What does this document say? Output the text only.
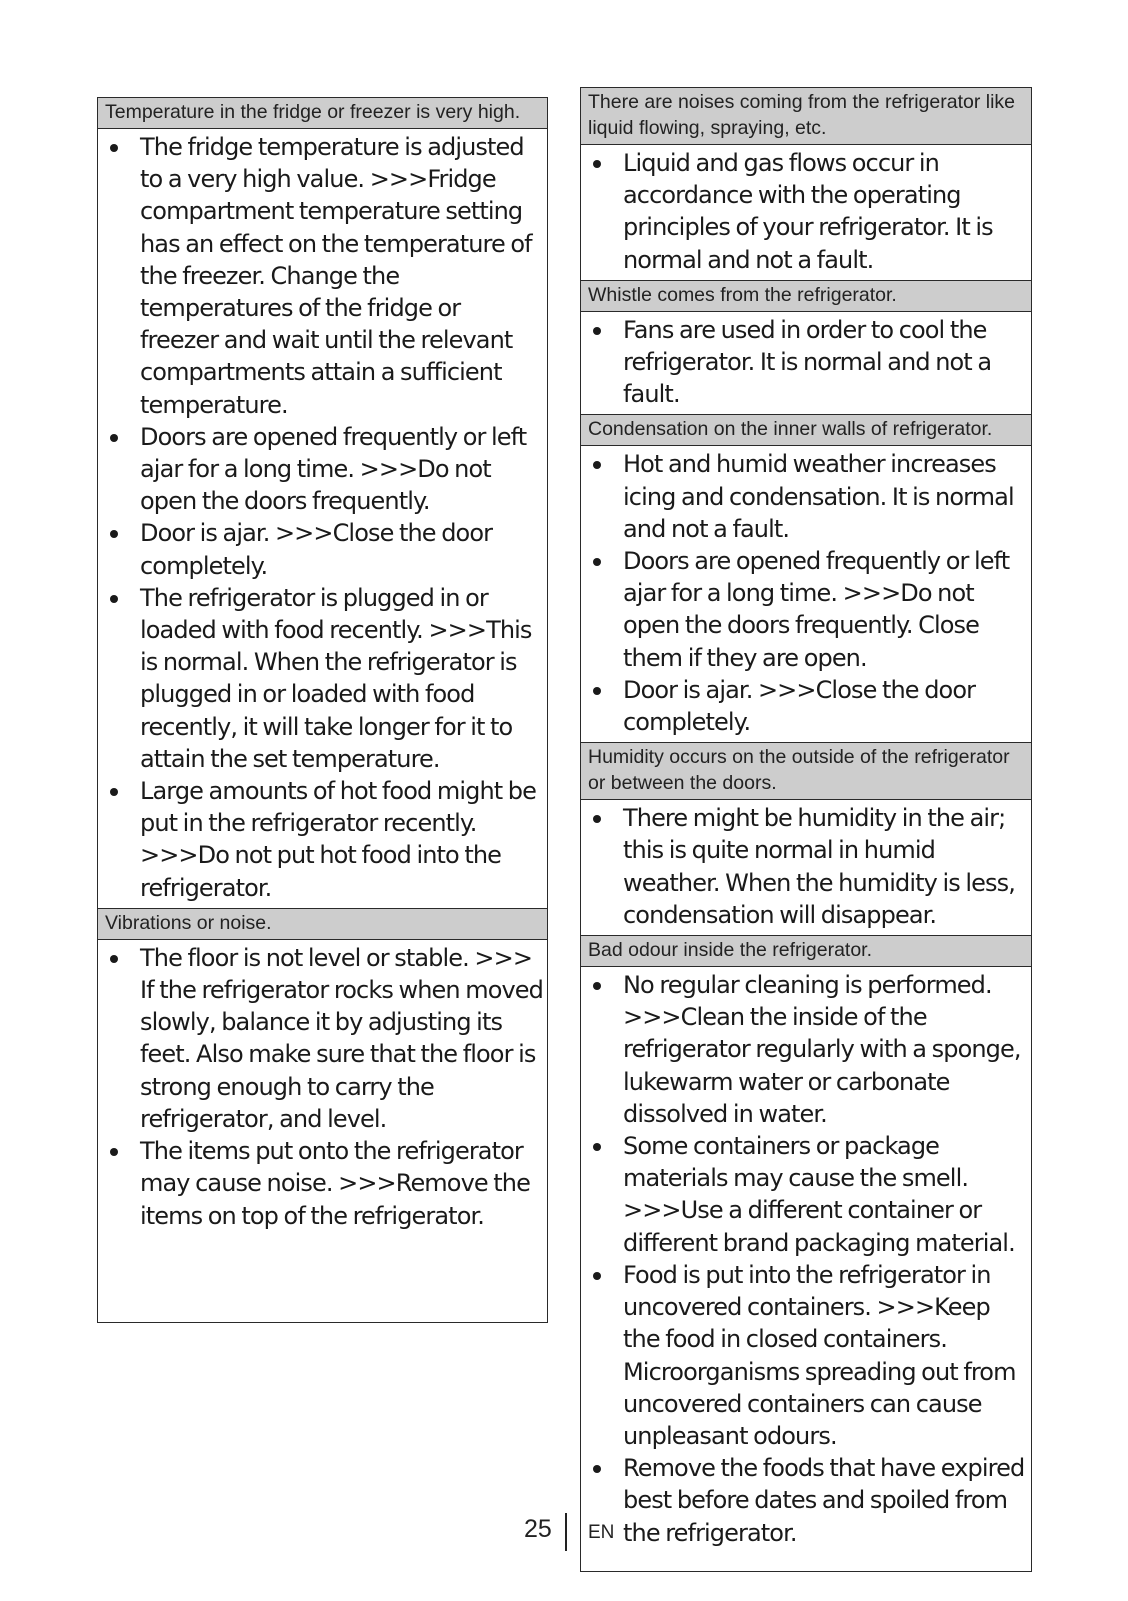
Temperature in the fridge or freezer is very high.
The fridge temperature is adjusted to a very high value. >>>Fridge compartment temperature setting has an effect on the temperature of the freezer. Change the temperatures of the fridge or freezer and wait until the relevant compartments attain a sufficient temperature.
Doors are opened frequently or left ajar for a long time. >>>Do not open the doors frequently.
Door is ajar. >>>Close the door completely.
The refrigerator is plugged in or loaded with food recently. >>>This is normal. When the refrigerator is plugged in or loaded with food recently, it will take longer for it to attain the set temperature.
Large amounts of hot food might be put in the refrigerator recently. >>>Do not put hot food into the refrigerator.
Vibrations or noise.
The floor is not level or stable. >>> If the refrigerator rocks when moved slowly, balance it by adjusting its feet. Also make sure that the floor is strong enough to carry the refrigerator, and level.
The items put onto the refrigerator may cause noise. >>>Remove the items on top of the refrigerator.
There are noises coming from the refrigerator like liquid flowing, spraying, etc.
Liquid and gas flows occur in accordance with the operating principles of your refrigerator. It is normal and not a fault.
Whistle comes from the refrigerator.
Fans are used in order to cool the refrigerator. It is normal and not a fault.
Condensation on the inner walls of refrigerator.
Hot and humid weather increases icing and condensation. It is normal and not a fault.
Doors are opened frequently or left ajar for a long time. >>>Do not open the doors frequently. Close them if they are open.
Door is ajar. >>>Close the door completely.
Humidity occurs on the outside of the refrigerator or between the doors.
There might be humidity in the air; this is quite normal in humid weather. When the humidity is less, condensation will disappear.
Bad odour inside the refrigerator.
No regular cleaning is performed. >>>Clean the inside of the refrigerator regularly with a sponge, lukewarm water or carbonate dissolved in water.
Some containers or package materials may cause the smell. >>>Use a different container or different brand packaging material.
Food is put into the refrigerator in uncovered containers. >>>Keep the food in closed containers. Microorganisms spreading out from uncovered containers can cause unpleasant odours.
Remove the foods that have expired best before dates and spoiled from the refrigerator.
25 EN
